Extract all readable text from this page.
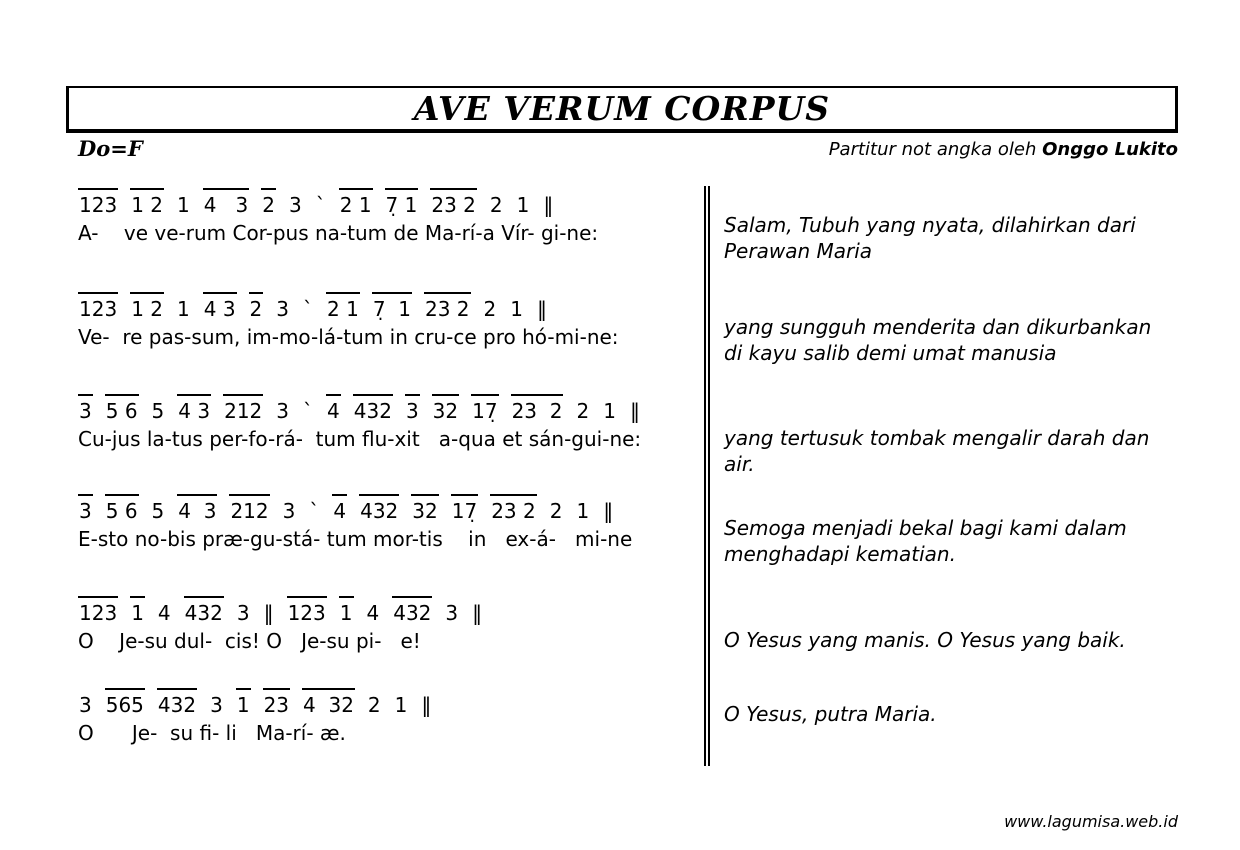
AVE VERUM CORPUS
Do=F	Partitur not angka oleh Onggo Lukito
123 1 2 1 4   3 2 3 ` 2 1 7̣ 1 23 2 2 1 ‖
A-    ve ve-rum Cor-pus na-tum de Ma-rí-a Vír- gi-ne:
123 1 2 1 4 3 2 3 ` 2 1 7̣  1 23 2 2 1 ‖
Ve-  re pas-sum, im-mo-lá-tum in cru-ce pro hó-mi-ne:
3 5 6 5 4 3 212 3 ` 4 432 3 32 17̣ 23  2 2 1 ‖
Cu-jus la-tus per-fo-rá-  tum flu-xit   a-qua et sán-gui-ne:
3 5 6 5 4  3 212 3 ` 4 432 32 17̣ 23 2 2 1 ‖
E-sto no-bis præ-gu-stá- tum mor-tis    in   ex-á-   mi-ne
123 1 4 432 3 ‖ 123 1 4 432 3 ‖
O    Je-su dul-  cis! O   Je-su pi-   e!
3 565 432 3 1 23 4  32 2 1 ‖
O      Je-  su fi- li   Ma-rí- æ.

Salam, Tubuh yang nyata, dilahirkan dari Perawan Maria

yang sungguh menderita dan dikurbankan di kayu salib demi umat manusia

yang tertusuk tombak mengalir darah dan air.

Semoga menjadi bekal bagi kami dalam menghadapi kematian.

O Yesus yang manis. O Yesus yang baik.

O Yesus, putra Maria.

www.lagumisa.web.id
